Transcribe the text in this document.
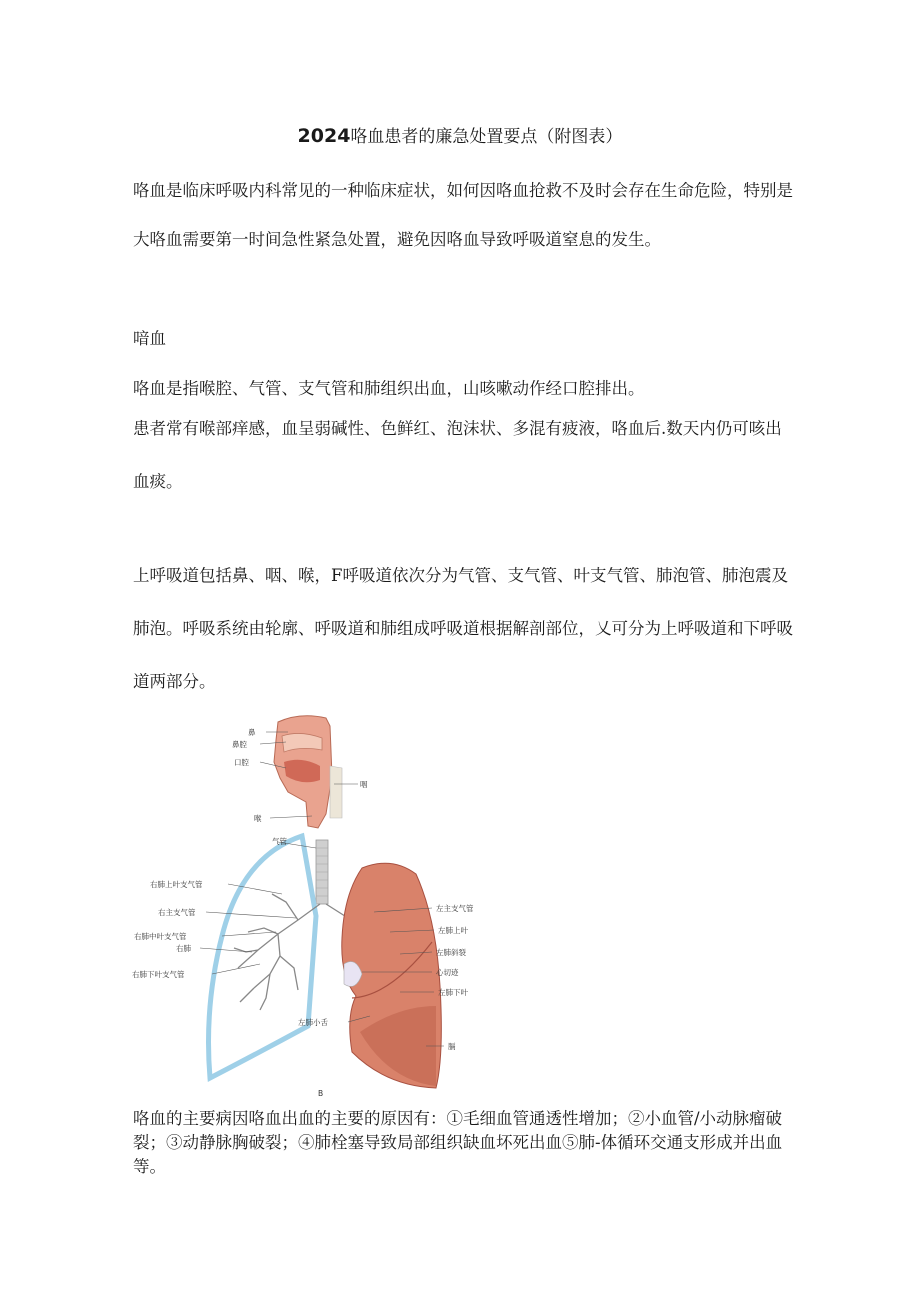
2024咯血患者的廉急处置要点（附图表）

咯血是临床呼吸内科常见的一种临床症状，如何因咯血抢救不及时会存在生命危险，特别是大咯血需要第一时间急性紧急处置，避免因咯血导致呼吸道窒息的发生。

喑血

咯血是指喉腔、气管、支气管和肺组织出血，山咳嗽动作经口腔排出。

患者常有喉部痒感，血呈弱碱性、色鲜红、泡沫状、多混有疲液，咯血后.数天内仍可咳出血痰。

上呼吸道包括鼻、咽、喉，F呼吸道依次分为气管、支气管、叶支气管、肺泡管、肺泡震及肺泡。呼吸系统由轮廓、呼吸道和肺组成呼吸道根据解剖部位，乂可分为上呼吸道和下呼吸道两部分。

鼻
鼻腔
口腔
咽
喉
气管
右肺上叶支气管
右主支气管
右肺中叶支气管
右肺
右肺下叶支气管
左主支气管
左肺上叶
左肺斜裂
心切迹
左肺下叶
左肺小舌
膈
B

咯血的主要病因咯血出血的主要的原因有：①毛细血管通透性增加；②小血管/小动脉瘤破裂；③动静脉胸破裂；④肺栓塞导致局部组织缺血坏死出血⑤肺-体循环交通支形成并出血等。
